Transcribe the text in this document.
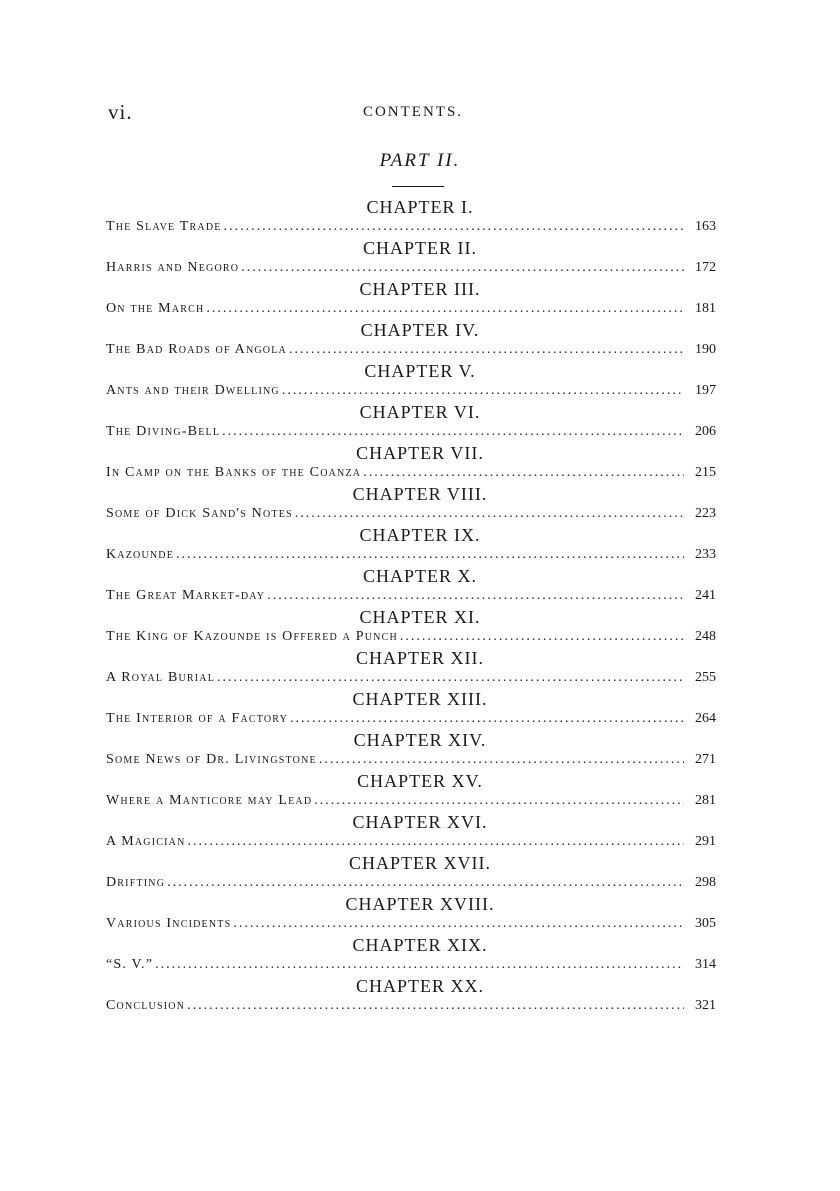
vi.	CONTENTS.
PART II.
CHAPTER I.
The Slave Trade .....	163
CHAPTER II.
Harris and Negoro .....	172
CHAPTER III.
On the March .....	181
CHAPTER IV.
The Bad Roads of Angola .....	190
CHAPTER V.
Ants and their Dwelling .....	197
CHAPTER VI.
The Diving-Bell .....	206
CHAPTER VII.
In Camp on the Banks of the Coanza .....	215
CHAPTER VIII.
Some of Dick Sand's Notes .....	223
CHAPTER IX.
Kazounde .....	233
CHAPTER X.
The Great Market-day .....	241
CHAPTER XI.
The King of Kazounde is Offered a Punch .....	248
CHAPTER XII.
A Royal Burial .....	255
CHAPTER XIII.
The Interior of a Factory .....	264
CHAPTER XIV.
Some News of Dr. Livingstone .....	271
CHAPTER XV.
Where a Manticore may Lead .....	281
CHAPTER XVI.
A Magician .....	291
CHAPTER XVII.
Drifting .....	298
CHAPTER XVIII.
Various Incidents .....	305
CHAPTER XIX.
“S. V.” .....	314
CHAPTER XX.
Conclusion .....	321
